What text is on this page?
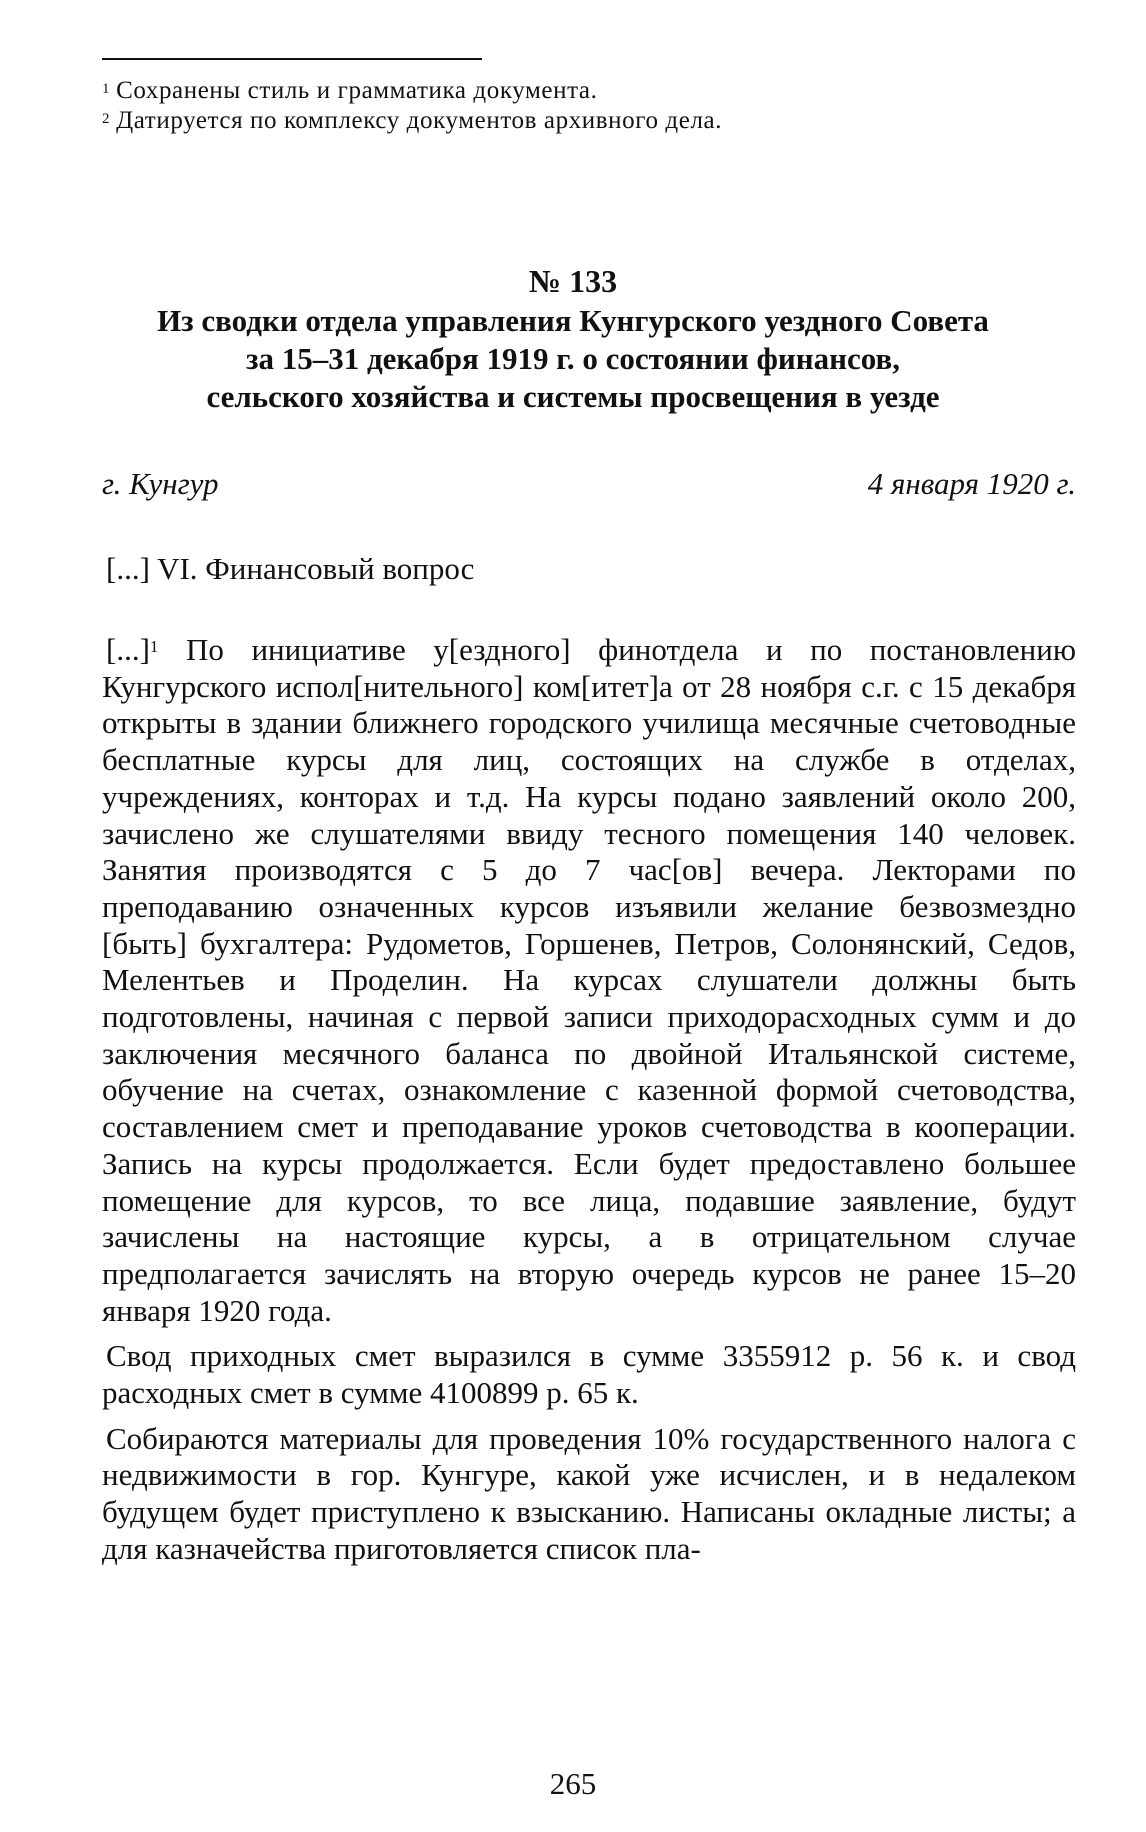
$^1$ Сохранены стиль и грамматика документа.

$^2$ Датируется по комплексу документов архивного дела.

№ 133

Из сводки отдела управления Кунгурского уездного Совета

за 15–31 декабря 1919 г. о состоянии финансов,

сельского хозяйства и системы просвещения в уезде

г. Кунгур	4 января 1920 г.

[...] VI. Финансовый вопрос

[...]$^1$ По инициативе у[ездного] финотдела и по постановлению Кунгурского испол[нительного] ком[итет]а от 28 ноября с.г. с 15 декабря открыты в здании ближнего городского училища месячные счетоводные бесплатные курсы для лиц, состоящих на службе в отделах, учреждениях, конторах и т.д. На курсы подано заявлений около 200, зачислено же слушателями ввиду тесного помещения 140 человек. Занятия производятся с 5 до 7 час[ов] вечера. Лекторами по преподаванию означенных курсов изъявили желание безвозмездно [быть] бухгалтера: Рудометов, Горшенев, Петров, Солонянский, Седов, Мелентьев и Проделин. На курсах слушатели должны быть подготовлены, начиная с первой записи приходорасходных сумм и до заключения месячного баланса по двойной Итальянской системе, обучение на счетах, ознакомление с казенной формой счетоводства, составлением смет и преподавание уроков счетоводства в кооперации. Запись на курсы продолжается. Если будет предоставлено большее помещение для курсов, то все лица, подавшие заявление, будут зачислены на настоящие курсы, а в отрицательном случае предполагается зачислять на вторую очередь курсов не ранее 15–20 января 1920 года.

Свод приходных смет выразился в сумме 3355912 р. 56 к. и свод расходных смет в сумме 4100899 р. 65 к.

Собираются материалы для проведения 10% государственного налога с недвижимости в гор. Кунгуре, какой уже исчислен, и в недалеком будущем будет приступлено к взысканию. Написаны окладные листы; а для казначейства приготовляется список пла-

265
